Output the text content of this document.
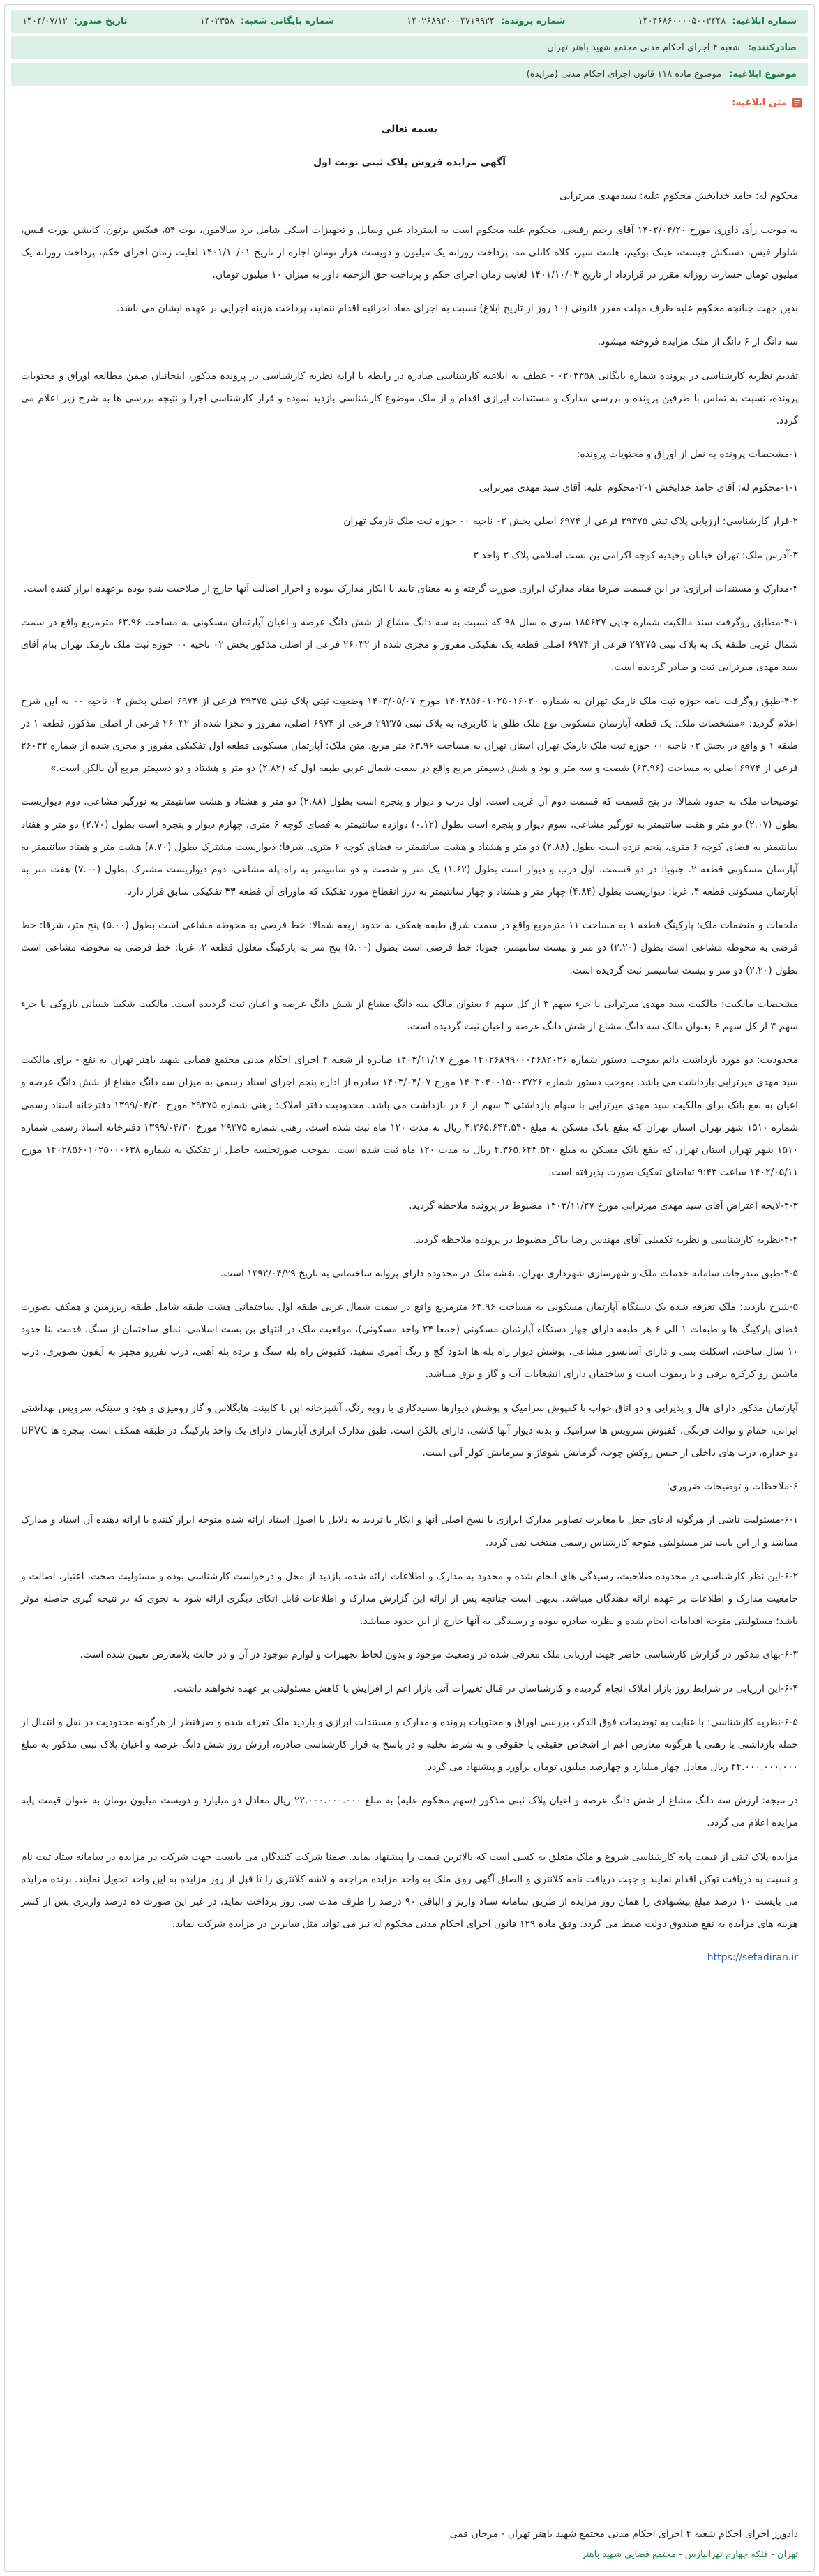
شماره ابلاغیه: ۱۴۰۴۶۸۶۰۰۰۰۵۰۰۲۴۴۸
شماره پرونده: ۱۴۰۲۶۸۹۲۰۰۰۴۷۱۹۹۲۴
شماره بایگانی شعبه: ۱۴۰۲۳۵۸
تاریخ صدور: ۱۴۰۴/۰۷/۱۲
صادرکننده:
شعبه ۴ اجرای احکام مدنی مجتمع شهید باهنر تهران
موضوع ابلاغیه:
موضوع ماده ۱۱۸ قانون اجرای احکام مدنی (مزایده)
متن ابلاغیه:

بسمه تعالی

آگهی مزایده فروش پلاک ثبتی نوبت اول

محکوم له: حامد خدابخش محکوم علیه: سیدمهدی میرترابی

به موجب رأی داوری مورخ ۱۴۰۲/۰۴/۲۰ آقای رحیم رفیعی، محکوم علیه محکوم است به استرداد عین وسایل و تجهیزات اسکی شامل برد سالامون، بوت ۵۴، فیکس برتون، کایشن نورث فیس، شلوار فیس، دستکش جیست، عینک بوکیم، هلمت سپر، کلاه کانلی مه، پرداخت روزانه یک میلیون و دویست هزار تومان اجاره از تاریخ ۱۴۰۱/۱۰/۰۱ لغایت زمان اجرای حکم، پرداخت روزانه یک میلیون تومان خسارت روزانه مقرر در قرارداد از تاریخ ۱۴۰۱/۱۰/۰۳ لغایت زمان اجرای حکم و پرداخت حق الزحمه داور به میزان ۱۰ میلیون تومان.

بدین جهت چنانچه محکوم علیه ظرف مهلت مقرر قانونی (۱۰ روز از تاریخ ابلاغ) نسبت به اجرای مفاد اجرائیه اقدام ننماید، پرداخت هزینه اجرایی بر عهده ایشان می باشد.

سه دانگ از ۶ دانگ از ملک مزایده فروخته میشود.

تقدیم نظریه کارشناسی در پرونده شماره بایگانی ۰۲۰۳۳۵۸ - عطف به ابلاغیه کارشناسی صادره در رابطه با ارایه نظریه کارشناسی در پرونده مذکور، اینجانبان ضمن مطالعه اوراق و محتویات پرونده، نسبت به تماس با طرفین پرونده و بررسی مدارک و مستندات ابرازی اقدام و از ملک موضوع کارشناسی بازدید نموده و قرار کارشناسی اجرا و نتیجه بررسی ها به شرح زیر اعلام می گردد.

۱-مشخصات پرونده به نقل از اوراق و محتویات پرونده:

۱-۱-محکوم له: آقای حامد خدابخش ۱-۲-محکوم علیه: آقای سید مهدی میرترابی

۲-قرار کارشناسی: ارزیابی پلاک ثبتی ۲۹۳۷۵ فرعی از ۶۹۷۴ اصلی بخش ۰۲ ناحیه ۰۰ حوزه ثبت ملک نارمک تهران

۳-آدرس ملک: تهران خیابان وحیدیه کوچه اکرامی بن بست اسلامی پلاک ۳ واحد ۳

۴-مدارک و مستندات ابرازی: در این قسمت صرفا مفاد مدارک ابرازی صورت گرفته و به معنای تایید یا انکار مدارک نبوده و احراز اصالت آنها خارج از صلاحیت بنده بوده برعهده ابراز کننده است.

۴-۱-مطابق روگرفت سند مالکیت شماره چاپی ۱۸۵۶۲۷ سری ه سال ۹۸ که نسبت به سه دانگ مشاع از شش دانگ عرصه و اعیان آپارتمان مسکونی به مساحت ۶۳.۹۶ مترمربع واقع در سمت شمال غربی طبقه یک به پلاک ثبتی ۲۹۳۷۵ فرعی از ۶۹۷۴ اصلی قطعه یک تفکیکی مفروز و مجزی شده از ۲۶۰۳۲ فرعی از اصلی مذکور بخش ۰۲ ناحیه ۰۰ حوزه ثبت ملک نارمک تهران بنام آقای سید مهدی میرترابی ثبت و صادر گردیده است.

۴-۲-طبق روگرفت نامه حوزه ثبت ملک نارمک تهران به شماره ۱۴۰۲۸۵۶۰۱۰۲۵۰۱۶۰۲۰ مورخ ۱۴۰۳/۰۵/۰۷ وضعیت ثبتی پلاک ثبتی ۲۹۳۷۵ فرعی از ۶۹۷۴ اصلی بخش ۰۲ ناحیه ۰۰ به این شرح اعلام گردید: «مشخصات ملک: یک قطعه آپارتمان مسکونی نوع ملک طلق با کاربری، به پلاک ثبتی ۲۹۳۷۵ فرعی از ۶۹۷۴ اصلی، مفروز و مجزا شده از ۲۶۰۳۲ فرعی از اصلی مذکور، قطعه ۱ در طبقه ۱ و واقع در بخش ۰۲ ناحیه ۰۰ حوزه ثبت ملک نارمک تهران استان تهران به مساحت ۶۳.۹۶ متر مربع. متن ملک: آپارتمان مسکونی قطعه اول تفکیکی مفروز و مجزی شده از شماره ۲۶۰۳۲ فرعی از ۶۹۷۴ اصلی به مساحت (۶۳.۹۶) شصت و سه متر و نود و شش دسیمتر مربع واقع در سمت شمال غربی طبقه اول که (۲.۸۲) دو متر و هشتاد و دو دسیمتر مربع آن بالکن است.»

توضیحات ملک به حدود شمالا: در پنج قسمت که قسمت دوم آن غربی است. اول درب و دیوار و پنجره است بطول (۲.۸۸) دو متر و هشتاد و هشت سانتیمتر به نورگیر مشاعی، دوم دیواریست بطول (۲.۰۷) دو متر و هفت سانتیمتر به نورگیر مشاعی، سوم دیوار و پنجره است بطول (۰.۱۲) دوازده سانتیمتر به فضای کوچه ۶ متری، چهارم دیوار و پنجره است بطول (۲.۷۰) دو متر و هفتاد سانتیمتر به فضای کوچه ۶ متری، پنجم نرده است بطول (۲.۸۸) دو متر و هشتاد و هشت سانتیمتر به فضای کوچه ۶ متری. شرقا: دیواریست مشترک بطول (۸.۷۰) هشت متر و هفتاد سانتیمتر به آپارتمان مسکونی قطعه ۲. جنوبا: در دو قسمت، اول درب و دیوار است بطول (۱.۶۲) یک متر و شصت و دو سانتیمتر به راه پله مشاعی، دوم دیواریست مشترک بطول (۷.۰۰) هفت متر به آپارتمان مسکونی قطعه ۴. غربا: دیواریست بطول (۴.۸۴) چهار متر و هشتاد و چهار سانتیمتر به درز انقطاع مورد تفکیک که ماورای آن قطعه ۳۳ تفکیکی سابق قرار دارد.

ملحقات و منضمات ملک: پارکینگ قطعه ۱ به مساحت ۱۱ مترمربع واقع در سمت شرق طبقه همکف به حدود اربعه شمالا: خط فرضی به محوطه مشاعی است بطول (۵.۰۰) پنج متر، شرقا: خط فرضی به محوطه مشاعی است بطول (۲.۲۰) دو متر و بیست سانتیمتر، جنوبا: خط فرضی است بطول (۵.۰۰) پنج متر به پارکینگ معلول قطعه ۲، غربا: خط فرضی به محوطه مشاعی است بطول (۲.۲۰) دو متر و بیست سانتیمتر ثبت گردیده است.

مشخصات مالکیت: مالکیت سید مهدی میرترابی با جزء سهم ۳ از کل سهم ۶ بعنوان مالک سه دانگ مشاع از شش دانگ عرصه و اعیان ثبت گردیده است. مالکیت شکیبا شیبانی بازوکی با جزء سهم ۳ از کل سهم ۶ بعنوان مالک سه دانگ مشاع از شش دانگ عرصه و اعیان ثبت گردیده است.

محدودیت: دو مورد بازداشت دائم بموجب دستور شماره ۱۴۰۲۶۸۹۹۰۰۰۴۶۸۲۰۲۶ مورخ ۱۴۰۳/۱۱/۱۷ صادره از شعبه ۴ اجرای احکام مدنی مجتمع قضایی شهید باهنر تهران به نفع - برای مالکیت سید مهدی میرترابی بازداشت می باشد. بموجب دستور شماره ۱۴۰۳۰۴۰۰۱۵۰۰۳۷۲۶ مورخ ۱۴۰۳/۰۴/۰۷ صادره از اداره پنجم اجرای اسناد رسمی به میزان سه دانگ مشاع از شش دانگ عرصه و اعیان به نفع بانک برای مالکیت سید مهدی میرترابی با سهام بازداشتی ۳ سهم از ۶ در بازداشت می باشد. محدودیت دفتر املاک: رهنی شماره ۲۹۳۷۵ مورخ ۱۳۹۹/۰۴/۳۰ دفترخانه اسناد رسمی شماره ۱۵۱۰ شهر تهران استان تهران که بنفع بانک مسکن به مبلغ ۴.۳۶۵.۶۴۴.۵۴۰ ریال به مدت ۱۲۰ ماه ثبت شده است. رهنی شماره ۲۹۳۷۵ مورخ ۱۳۹۹/۰۴/۳۰ دفترخانه اسناد رسمی شماره ۱۵۱۰ شهر تهران استان تهران که بنفع بانک مسکن به مبلغ ۴.۳۶۵.۶۴۴.۵۴۰ ریال به مدت ۱۲۰ ماه ثبت شده است. بموجب صورتجلسه حاصل از تفکیک به شماره ۱۴۰۲۸۵۶۰۱۰۲۵۰۰۰۶۳۸ مورخ ۱۴۰۲/۰۵/۱۱ ساعت ۹:۴۳ تقاضای تفکیک صورت پذیرفته است.

۴-۳-لایحه اعتراض آقای سید مهدی میرترابی مورخ ۱۴۰۳/۱۱/۲۷ مضبوط در پرونده ملاحظه گردید.

۴-۴-نظریه کارشناسی و نظریه تکمیلی آقای مهندس رضا بناگر مضبوط در پرونده ملاحظه گردید.

۴-۵-طبق مندرجات سامانه خدمات ملک و شهرسازی شهرداری تهران، نقشه ملک در محدوده دارای پروانه ساختمانی به تاریخ ۱۳۹۲/۰۴/۲۹ است.

۵-شرح بازدید: ملک تعرفه شده یک دستگاه آپارتمان مسکونی به مساحت ۶۳.۹۶ مترمربع واقع در سمت شمال غربی طبقه اول ساختمانی هشت طبقه شامل طبقه زیرزمین و همکف بصورت فضای پارکینگ ها و طبقات ۱ الی ۶ هر طبقه دارای چهار دستگاه آپارتمان مسکونی (جمعا ۲۴ واحد مسکونی)، موقعیت ملک در انتهای بن بست اسلامی، نمای ساختمان از سنگ، قدمت بنا حدود ۱۰ سال ساخت، اسکلت بتنی و دارای آسانسور مشاعی، پوشش دیوار راه پله ها اندود گچ و رنگ آمیزی سفید، کفپوش راه پله سنگ و نرده پله آهنی، درب نفررو مجهز به آیفون تصویری، درب ماشین رو کرکره برقی و با ریموت است و ساختمان دارای انشعابات آب و گاز و برق میباشد.

آپارتمان مذکور دارای هال و پذیرایی و دو اتاق خواب با کفپوش سرامیک و پوشش دیوارها سفیدکاری با رویه رنگ، آشپزخانه اپن با کابینت هایگلاس و گاز رومیزی و هود و سینک، سرویس بهداشتی ایرانی، حمام و توالت فرنگی، کفپوش سرویس ها سرامیک و بدنه دیوار آنها کاشی، دارای بالکن است. طبق مدارک ابرازی آپارتمان دارای یک واحد پارکینگ در طبقه همکف است. پنجره ها UPVC دو جداره، درب های داخلی از جنس روکش چوب، گرمایش شوفاژ و سرمایش کولر آبی است.

۶-ملاحظات و توضیحات ضروری:

۶-۱-مسئولیت ناشی از هرگونه ادعای جعل یا مغایرت تصاویر مدارک ابرازی با نسخ اصلی آنها و انکار یا تردید به دلایل یا اصول اسناد ارائه شده متوجه ابراز کننده یا ارائه دهنده آن اسناد و مدارک میباشد و از این بابت نیز مسئولیتی متوجه کارشناس رسمی منتخب نمی گردد.

۶-۲-این نظر کارشناسی در محدوده صلاحیت، رسیدگی های انجام شده و محدود به مدارک و اطلاعات ارائه شده، بازدید از محل و درخواست کارشناسی بوده و مسئولیت صحت، اعتبار، اصالت و جامعیت مدارک و اطلاعات بر عهده ارائه دهندگان میباشد. بدیهی است چنانچه پس از ارائه این گزارش مدارک و اطلاعات قابل اتکای دیگری ارائه شود به نحوی که در نتیجه گیری حاصله موثر باشد؛ مسئولیتی متوجه اقدامات انجام شده و نظریه صادره نبوده و رسیدگی به آنها خارج از این حدود میباشد.

۶-۳-بهای مذکور در گزارش کارشناسی حاضر جهت ارزیابی ملک معرفی شده در وضعیت موجود و بدون لحاظ تجهیزات و لوازم موجود در آن و در حالت بلامعارض تعیین شده است.

۶-۴-این ارزیابی در شرایط روز بازار املاک انجام گردیده و کارشناسان در قبال تغییرات آتی بازار اعم از افزایش یا کاهش مسئولیتی بر عهده نخواهند داشت.

۶-۵-نظریه کارشناسی: با عنایت به توضیحات فوق الذکر، بررسی اوراق و محتویات پرونده و مدارک و مستندات ابرازی و بازدید ملک تعرفه شده و صرفنظر از هرگونه محدودیت در نقل و انتقال از جمله بازداشتی یا رهنی یا هرگونه معارض اعم از اشخاص حقیقی یا حقوقی و به شرط تخلیه و در پاسخ به قرار کارشناسی صادره، ارزش روز شش دانگ عرصه و اعیان پلاک ثبتی مذکور به مبلغ ۴۴.۰۰۰.۰۰۰.۰۰۰ ریال معادل چهار میلیارد و چهارصد میلیون تومان برآورد و پیشنهاد می گردد.

در نتیجه: ارزش سه دانگ مشاع از شش دانگ عرصه و اعیان پلاک ثبتی مذکور (سهم محکوم علیه) به مبلغ ۲۲.۰۰۰.۰۰۰.۰۰۰ ریال معادل دو میلیارد و دویست میلیون تومان به عنوان قیمت پایه مزایده اعلام می گردد.

مزایده پلاک ثبتی از قیمت پایه کارشناسی شروع و ملک متعلق به کسی است که بالاترین قیمت را پیشنهاد نماید. ضمنا شرکت کنندگان می بایست جهت شرکت در مزایده در سامانه ستاد ثبت نام و نسبت به دریافت توکن اقدام نمایند و جهت دریافت نامه کلانتری و الصاق آگهی روی ملک به واحد مزایده مراجعه و لاشه کلانتری را تا قبل از روز مزایده به این واحد تحویل نمایند. برنده مزایده می بایست ۱۰ درصد مبلغ پیشنهادی را همان روز مزایده از طریق سامانه ستاد واریز و الباقی ۹۰ درصد را ظرف مدت سی روز پرداخت نماید، در غیر این صورت ده درصد واریزی پس از کسر هزینه های مزایده به نفع صندوق دولت ضبط می گردد. وفق ماده ۱۲۹ قانون اجرای احکام مدنی محکوم له نیز می تواند مثل سایرین در مزایده شرکت نماید.

https://setadiran.ir

دادورز اجرای احکام شعبه ۴ اجرای احکام مدنی مجتمع شهید باهنر تهران - مرجان قمی
تهران - فلکه چهارم تهرانپارس - مجتمع قضایی شهید باهنر
